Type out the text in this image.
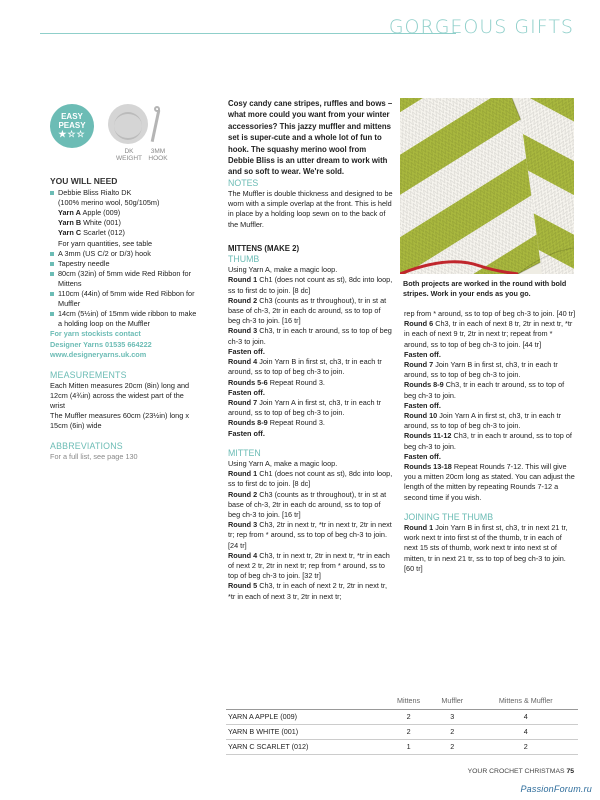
GORGEOUS GIFTS
EASY
PEASY
★☆☆
DK
WEIGHT
3MM
HOOK
YOU WILL NEED
Debbie Bliss Rialto DK
(100% merino wool, 50g/105m)
Yarn A Apple (009)
Yarn B White (001)
Yarn C Scarlet (012)
For yarn quantities, see table
A 3mm (US C/2 or D/3) hook
Tapestry needle
80cm (32in) of 5mm wide Red Ribbon for Mittens
110cm (44in) of 5mm wide Red Ribbon for Muffler
14cm (5½in) of 15mm wide ribbon to make a holding loop on the Muffler
For yarn stockists contact
Designer Yarns 01535 664222
www.designeryarns.uk.com
MEASUREMENTS
Each Mitten measures 20cm (8in) long and 12cm (4¾in) across the widest part of the wrist
The Muffler measures 60cm (23½in) long x 15cm (6in) wide
ABBREVIATIONS
For a full list, see page 130

Cosy candy cane stripes, ruffles and bows – what more could you want from your winter accessories? This jazzy muffler and mittens set is super-cute and a whole lot of fun to hook. The squashy merino wool from Debbie Bliss is an utter dream to work with and so soft to wear. We're sold.

NOTES

The Muffler is double thickness and designed to be worn with a simple overlap at the front. This is held in place by a holding loop sewn on to the back of the Muffler.

MITTENS (MAKE 2)
THUMB

Using Yarn A, make a magic loop.

Round 1 Ch1 (does not count as st), 8dc into loop, ss to first dc to join. [8 dc]

Round 2 Ch3 (counts as tr throughout), tr in st at base of ch-3, 2tr in each dc around, ss to top of beg ch-3 to join. [16 tr]

Round 3 Ch3, tr in each tr around, ss to top of beg ch-3 to join.

Fasten off.

Round 4 Join Yarn B in first st, ch3, tr in each tr around, ss to top of beg ch-3 to join.

Rounds 5-6 Repeat Round 3.

Fasten off.

Round 7 Join Yarn A in first st, ch3, tr in each tr around, ss to top of beg ch-3 to join.

Rounds 8-9 Repeat Round 3.

Fasten off.

MITTEN

Using Yarn A, make a magic loop.

Round 1 Ch1 (does not count as st), 8dc into loop, ss to first dc to join. [8 dc]

Round 2 Ch3 (counts as tr throughout), tr in st at base of ch-3, 2tr in each dc around, ss to top of beg ch-3 to join. [16 tr]

Round 3 Ch3, 2tr in next tr, *tr in next tr, 2tr in next tr; rep from * around, ss to top of beg ch-3 to join. [24 tr]

Round 4 Ch3, tr in next tr, 2tr in next tr, *tr in each of next 2 tr, 2tr in next tr; rep from * around, ss to top of beg ch-3 to join. [32 tr]

Round 5 Ch3, tr in each of next 2 tr, 2tr in next tr, *tr in each of next 3 tr, 2tr in next tr;

Both projects are worked in the round with bold stripes. Work in your ends as you go.

rep from * around, ss to top of beg ch-3 to join. [40 tr]

Round 6 Ch3, tr in each of next 8 tr, 2tr in next tr, *tr in each of next 9 tr, 2tr in next tr; repeat from * around, ss to top of beg ch-3 to join. [44 tr]

Fasten off.

Round 7 Join Yarn B in first st, ch3, tr in each tr around, ss to top of beg ch-3 to join.

Rounds 8-9 Ch3, tr in each tr around, ss to top of beg ch-3 to join.

Fasten off.

Round 10 Join Yarn A in first st, ch3, tr in each tr around, ss to top of beg ch-3 to join.

Rounds 11-12 Ch3, tr in each tr around, ss to top of beg ch-3 to join.

Fasten off.

Rounds 13-18 Repeat Rounds 7-12. This will give you a mitten 20cm long as stated. You can adjust the length of the mitten by repeating Rounds 7-12 a second time if you wish.

JOINING THE THUMB

Round 1 Join Yarn B in first st, ch3, tr in next 21 tr, work next tr into first st of the thumb, tr in each of next 15 sts of thumb, work next tr into next st of mitten, tr in next 21 tr, ss to top of beg ch-3 to join. [60 tr]

	Mittens	Muffler	Mittens & Muffler
YARN A APPLE (009)	2	3	4
YARN B WHITE (001)	2	2	4
YARN C SCARLET (012)	1	2	2
YOUR CROCHET CHRISTMAS 75
PassionForum.ru
